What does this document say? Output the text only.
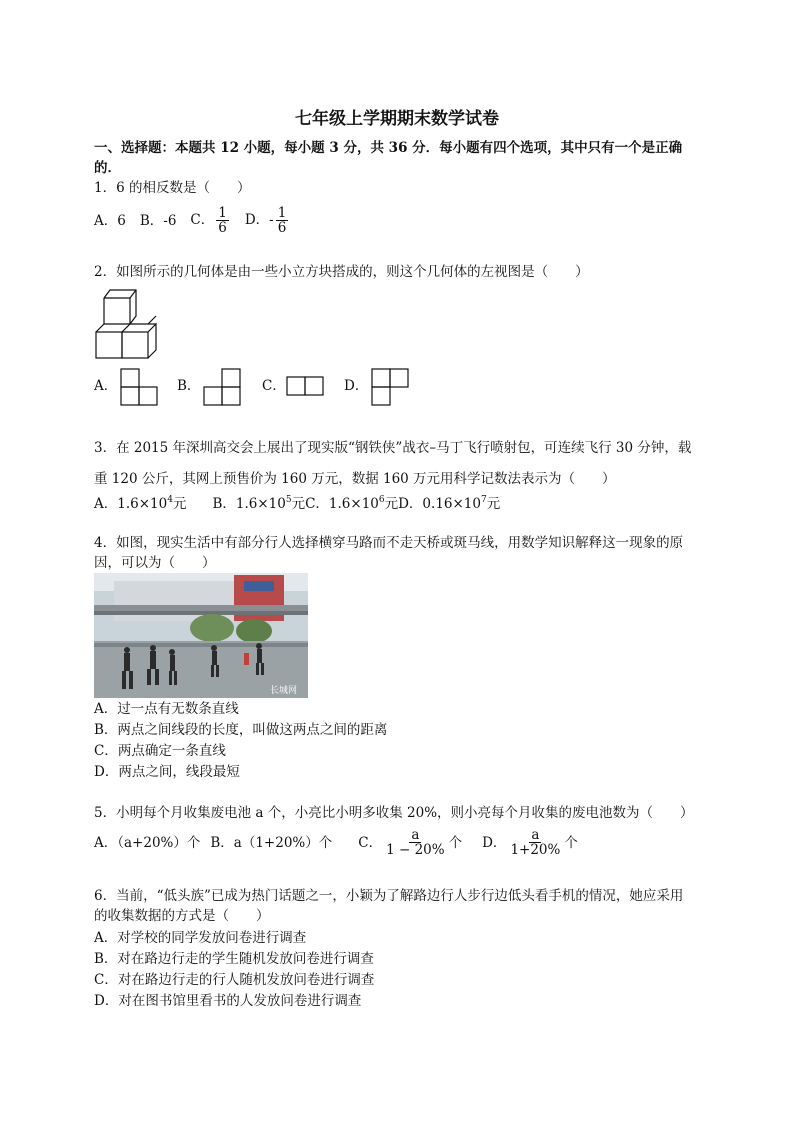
七年级上学期期末数学试卷
一、选择题：本题共 12 小题，每小题 3 分，共 36 分．每小题有四个选项，其中只有一个是正确
的．
1．6 的相反数是（　　）
A．6 B．-6 C． $\frac{1}{6}$ D．- $\frac{1}{6}$
2．如图所示的几何体是由一些小立方块搭成的，则这个几何体的左视图是（　　）
A．	B．	C．	D．
3．在 2015 年深圳高交会上展出了现实版“钢铁侠”战衣–马丁飞行喷射包，可连续飞行 30 分钟，载
重 120 公斤，其网上预售价为 160 万元，数据 160 万元用科学记数法表示为（　　）
A．$1.6\times 10^4$元 B．$1.6\times 10^5$元C．$1.6\times 10^6$元D．$0.16\times 10^7$元
4．如图，现实生活中有部分行人选择横穿马路而不走天桥或斑马线，用数学知识解释这一现象的原
因，可以为（　　）
长城网
A．过一点有无数条直线
B．两点之间线段的长度，叫做这两点之间的距离
C．两点确定一条直线
D．两点之间，线段最短
5．小明每个月收集废电池 a 个，小亮比小明多收集 20%，则小亮每个月收集的废电池数为（　　）
A．（a+20%）个 B．a（1+20%）个 C． $\frac{a}{1 - 20\%}$ 个 D． $\frac{a}{1+20\%}$ 个
6．当前，“低头族”已成为热门话题之一，小颖为了解路边行人步行边低头看手机的情况，她应采用
的收集数据的方式是（　　）
A．对学校的同学发放问卷进行调查
B．对在路边行走的学生随机发放问卷进行调查
C．对在路边行走的行人随机发放问卷进行调查
D．对在图书馆里看书的人发放问卷进行调查
